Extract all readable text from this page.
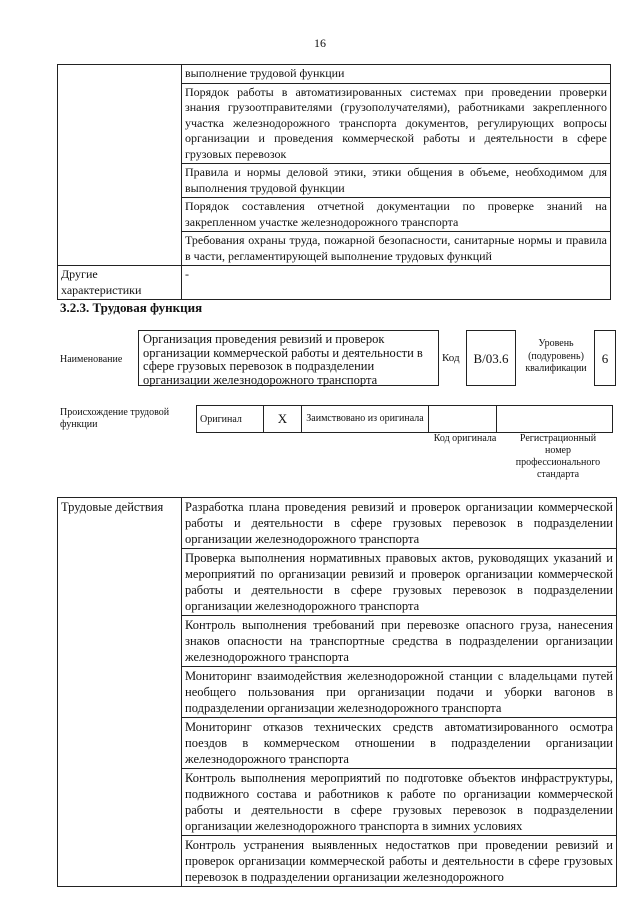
16
	выполнение трудовой функции
	Порядок работы в автоматизированных системах при проведении проверки знания грузоотправителями (грузополучателями), работниками закрепленного участка железнодорожного транспорта документов, регулирующих вопросы организации и проведения коммерческой работы и деятельности в сфере грузовых перевозок
	Правила и нормы деловой этики, этики общения в объеме, необходимом для выполнения трудовой функции
	Порядок составления отчетной документации по проверке знаний на закрепленном участке железнодорожного транспорта
	Требования охраны труда, пожарной безопасности, санитарные нормы и правила в части, регламентирующей выполнение трудовых функций
Другие характеристики	-
3.2.3. Трудовая функция
Наименование
Организация проведения ревизий и проверок организации коммерческой работы и деятельности в сфере грузовых перевозок в подразделении организации железнодорожного транспорта
Код	B/03.6
Уровень (подуровень) квалификации
6
Происхождение трудовой функции	Оригинал	X	Заимствовано из оригинала		
Код оригинала	Регистрационный номер профессионального стандарта
Трудовые действия	Разработка плана проведения ревизий и проверок организации коммерческой работы и деятельности в сфере грузовых перевозок в подразделении организации железнодорожного транспорта
Проверка выполнения нормативных правовых актов, руководящих указаний и мероприятий по организации ревизий и проверок организации коммерческой работы и деятельности в сфере грузовых перевозок в подразделении организации железнодорожного транспорта
Контроль выполнения требований при перевозке опасного груза, нанесения знаков опасности на транспортные средства в подразделении организации железнодорожного транспорта
Мониторинг взаимодействия железнодорожной станции с владельцами путей необщего пользования при организации подачи и уборки вагонов в подразделении организации железнодорожного транспорта
Мониторинг отказов технических средств автоматизированного осмотра поездов в коммерческом отношении в подразделении организации железнодорожного транспорта
Контроль выполнения мероприятий по подготовке объектов инфраструктуры, подвижного состава и работников к работе по организации коммерческой работы и деятельности в сфере грузовых перевозок в подразделении организации железнодорожного транспорта в зимних условиях
Контроль устранения выявленных недостатков при проведении ревизий и проверок организации коммерческой работы и деятельности в сфере грузовых перевозок в подразделении организации железнодорожного
